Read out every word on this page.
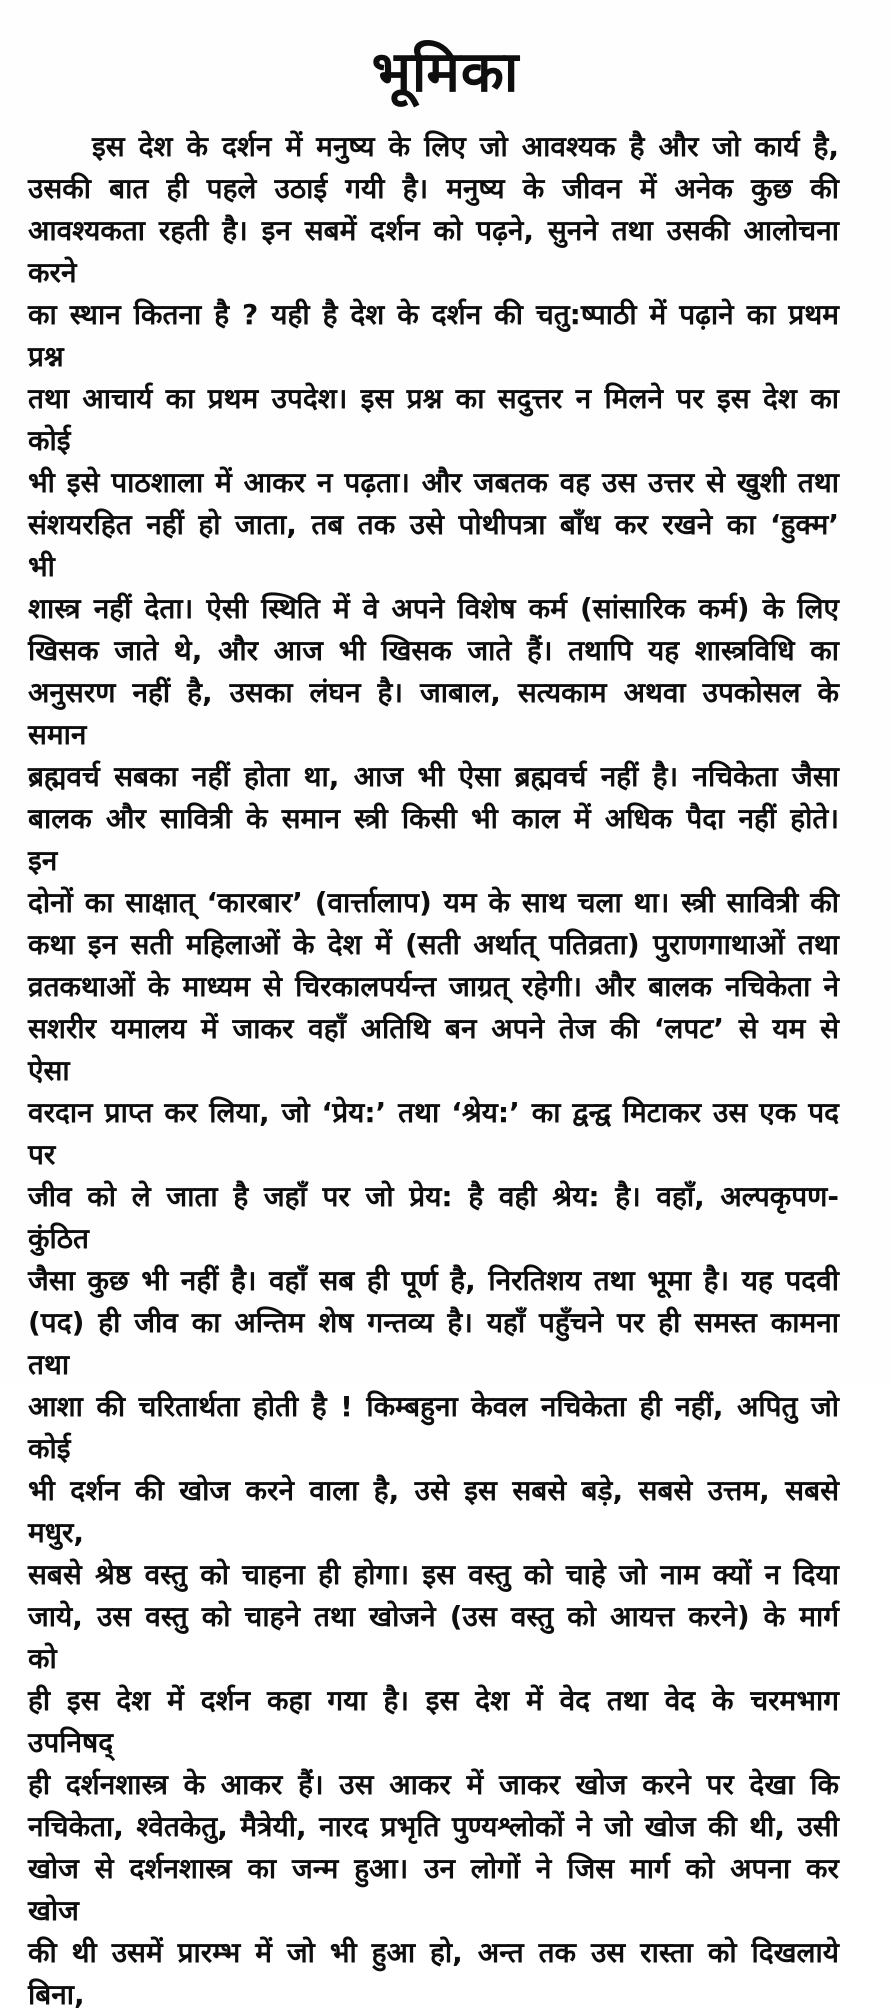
भूमिका
इस देश के दर्शन में मनुष्य के लिए जो आवश्यक है और जो कार्य है,
उसकी बात ही पहले उठाई गयी है। मनुष्य के जीवन में अनेक कुछ की
आवश्यकता रहती है। इन सबमें दर्शन को पढ़ने, सुनने तथा उसकी आलोचना करने
का स्थान कितना है ? यही है देश के दर्शन की चतु:ष्पाठी में पढ़ाने का प्रथम प्रश्न
तथा आचार्य का प्रथम उपदेश। इस प्रश्न का सदुत्तर न मिलने पर इस देश का कोई
भी इसे पाठशाला में आकर न पढ़ता। और जबतक वह उस उत्तर से खुशी तथा
संशयरहित नहीं हो जाता, तब तक उसे पोथीपत्रा बाँध कर रखने का ‘हुक्म’ भी
शास्त्र नहीं देता। ऐसी स्थिति में वे अपने विशेष कर्म (सांसारिक कर्म) के लिए
खिसक जाते थे, और आज भी खिसक जाते हैं। तथापि यह शास्त्रविधि का
अनुसरण नहीं है, उसका लंघन है। जाबाल, सत्यकाम अथवा उपकोसल के समान
ब्रह्मवर्च सबका नहीं होता था, आज भी ऐसा ब्रह्मवर्च नहीं है। नचिकेता जैसा
बालक और सावित्री के समान स्त्री किसी भी काल में अधिक पैदा नहीं होते। इन
दोनों का साक्षात् ‘कारबार’ (वार्त्तालाप) यम के साथ चला था। स्त्री सावित्री की
कथा इन सती महिलाओं के देश में (सती अर्थात् पतिव्रता) पुराणगाथाओं तथा
व्रतकथाओं के माध्यम से चिरकालपर्यन्त जाग्रत् रहेगी। और बालक नचिकेता ने
सशरीर यमालय में जाकर वहाँ अतिथि बन अपने तेज की ‘लपट’ से यम से ऐसा
वरदान प्राप्त कर लिया, जो ‘प्रेय:’ तथा ‘श्रेय:’ का द्वन्द्व मिटाकर उस एक पद पर
जीव को ले जाता है जहाँ पर जो प्रेय: है वही श्रेय: है। वहाँ, अल्पकृपण-कुंठित
जैसा कुछ भी नहीं है। वहाँ सब ही पूर्ण है, निरतिशय तथा भूमा है। यह पदवी
(पद) ही जीव का अन्तिम शेष गन्तव्य है। यहाँ पहुँचने पर ही समस्त कामना तथा
आशा की चरितार्थता होती है ! किम्बहुना केवल नचिकेता ही नहीं, अपितु जो कोई
भी दर्शन की खोज करने वाला है, उसे इस सबसे बड़े, सबसे उत्तम, सबसे मधुर,
सबसे श्रेष्ठ वस्तु को चाहना ही होगा। इस वस्तु को चाहे जो नाम क्यों न दिया
जाये, उस वस्तु को चाहने तथा खोजने (उस वस्तु को आयत्त करने) के मार्ग को
ही इस देश में दर्शन कहा गया है। इस देश में वेद तथा वेद के चरमभाग उपनिषद्
ही दर्शनशास्त्र के आकर हैं। उस आकर में जाकर खोज करने पर देखा कि
नचिकेता, श्वेतकेतु, मैत्रेयी, नारद प्रभृति पुण्यश्लोकों ने जो खोज की थी, उसी
खोज से दर्शनशास्त्र का जन्म हुआ। उन लोगों ने जिस मार्ग को अपना कर खोज
की थी उसमें प्रारम्भ में जो भी हुआ हो, अन्त तक उस रास्ता को दिखलाये बिना,
